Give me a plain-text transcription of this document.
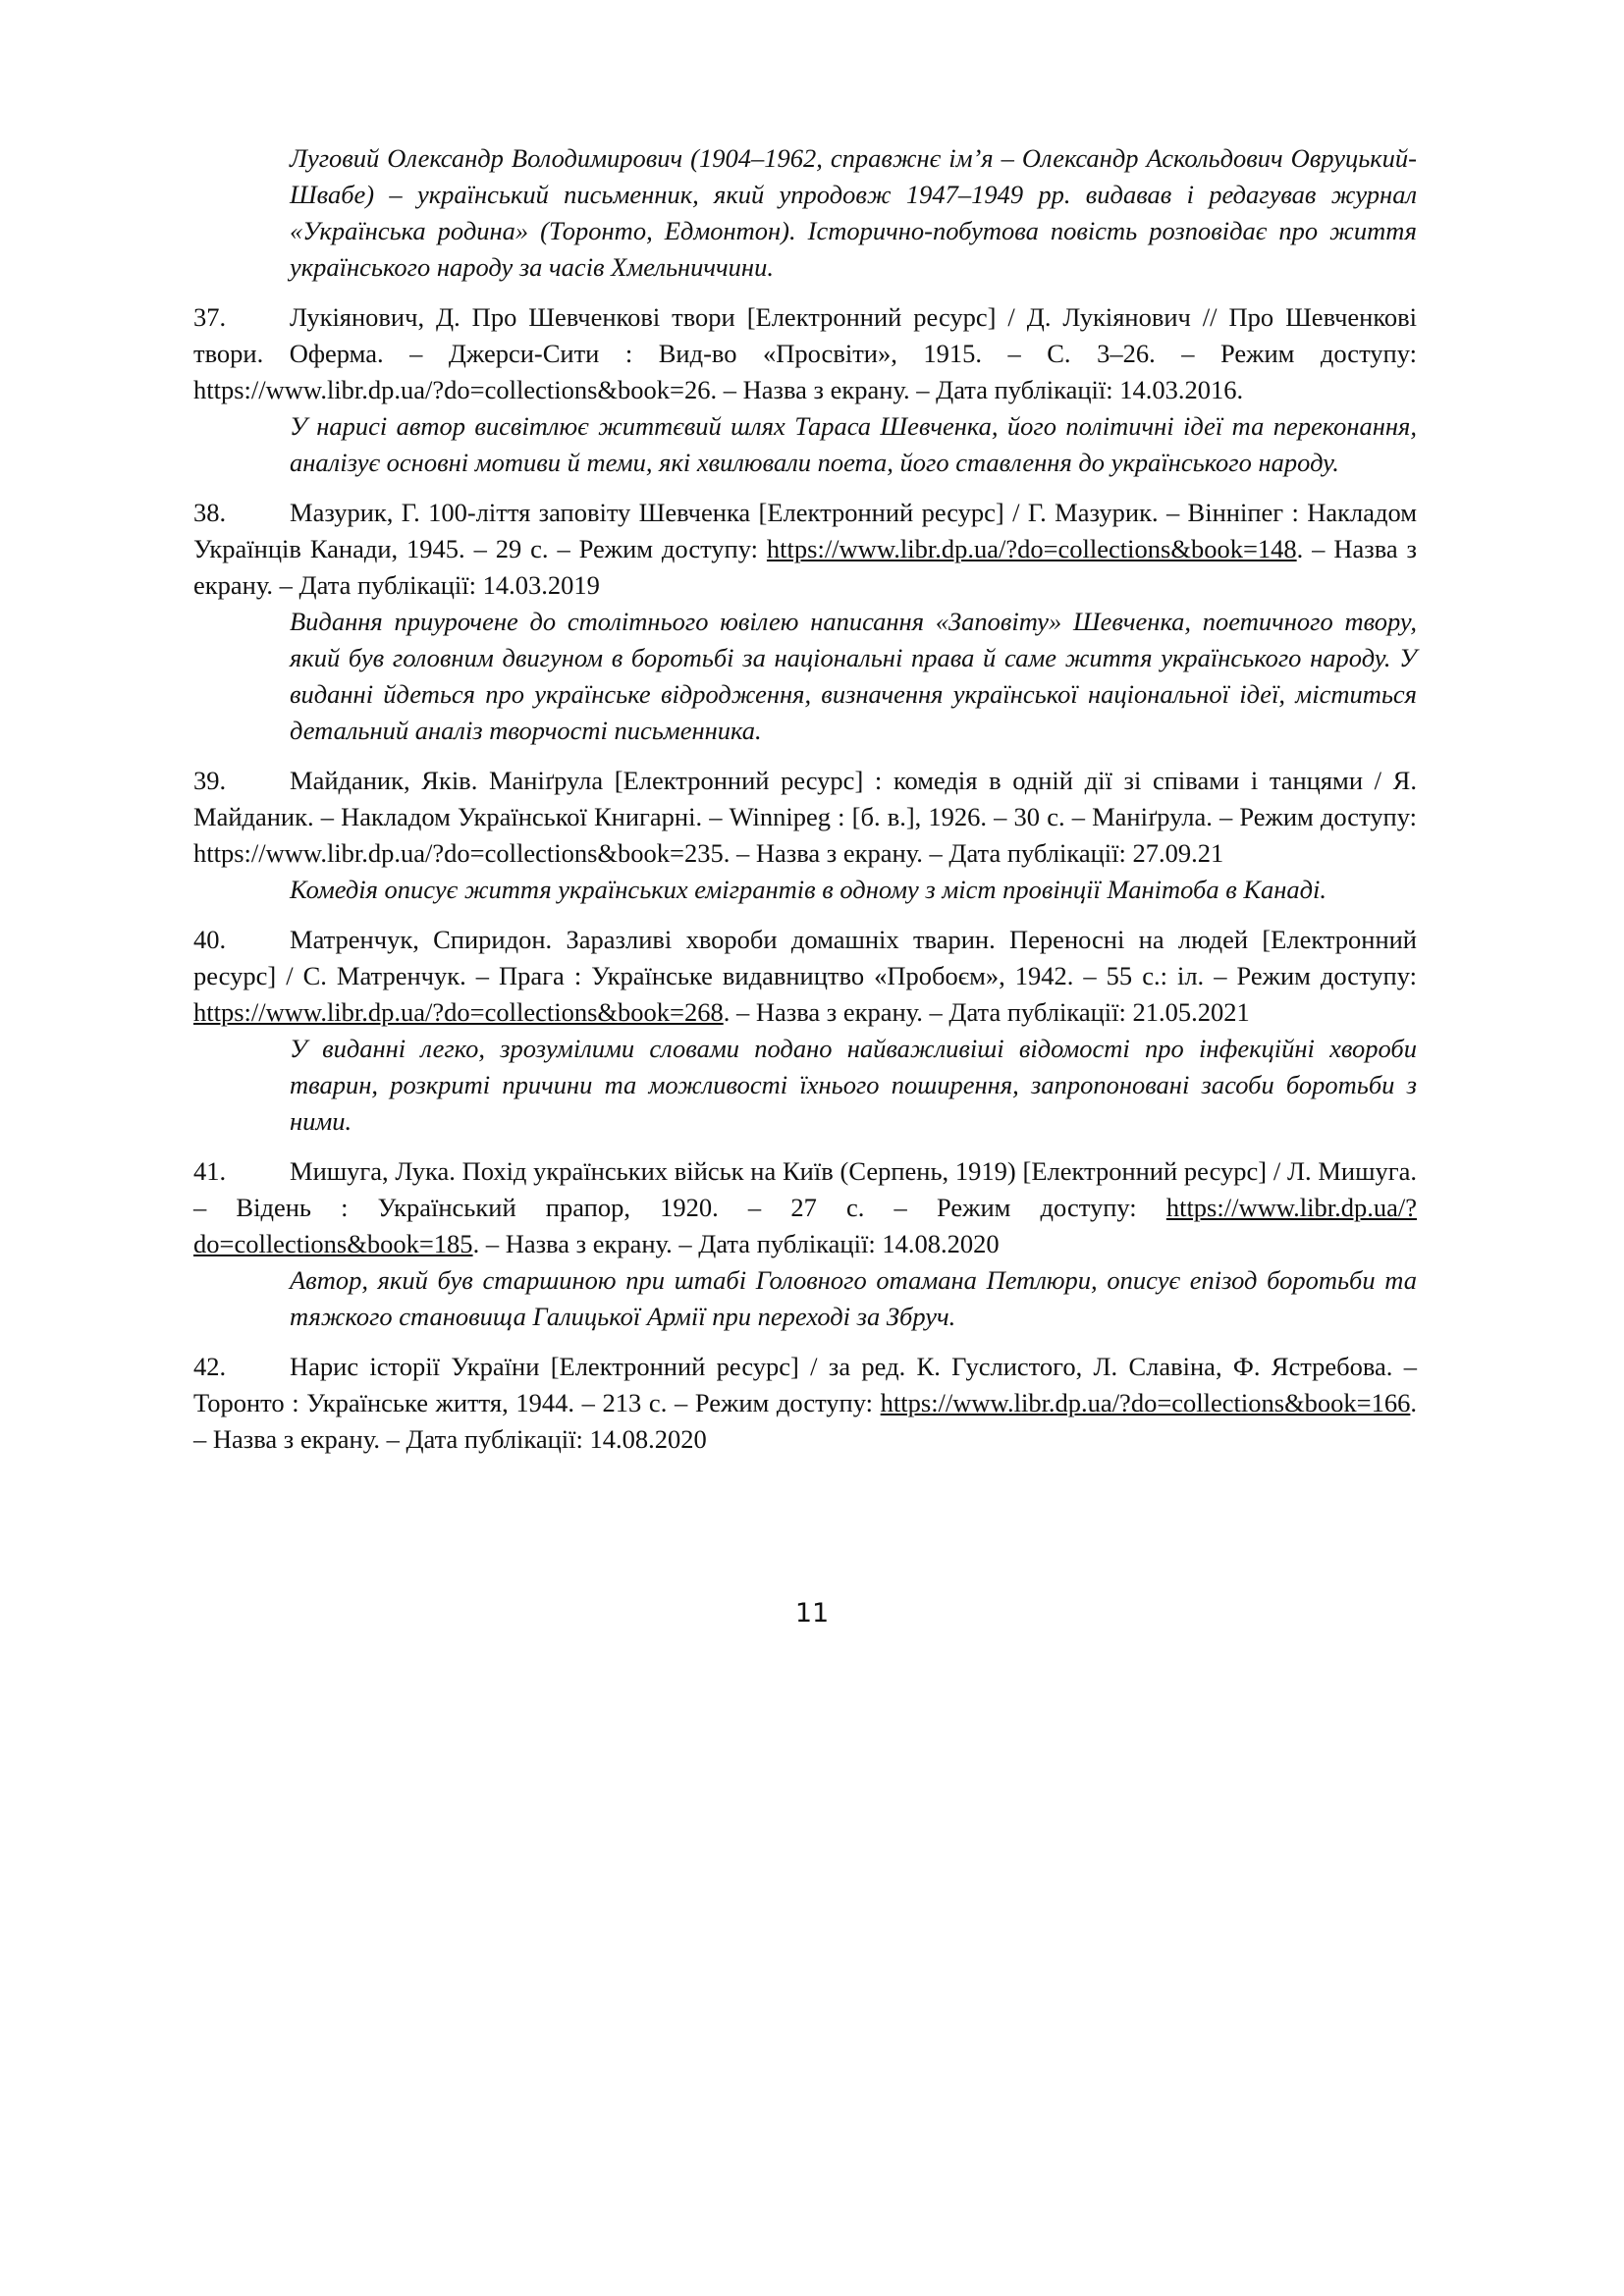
Луговий Олександр Володимирович (1904–1962, справжнє ім’я – Олександр Аскольдович Овруцький-Швабе) – український письменник, який упродовж 1947–1949 рр. видавав і редагував журнал «Українська родина» (Торонто, Едмонтон). Історично-побутова повість розповідає про життя українського народу за часів Хмельниччини.

37. Лукіянович, Д. Про Шевченкові твори [Електронний ресурс] / Д. Лукіянович // Про Шевченкові твори. Оферма. – Джерси-Сити : Вид-во «Просвіти», 1915. – С. 3–26. – Режим доступу: https://www.libr.dp.ua/?do=collections&book=26. – Назва з екрану. – Дата публікації: 14.03.2016.

У нарисі автор висвітлює життєвий шлях Тараса Шевченка, його політичні ідеї та переконання, аналізує основні мотиви й теми, які хвилювали поета, його ставлення до українського народу.

38. Мазурик, Г. 100-ліття заповіту Шевченка [Електронний ресурс] / Г. Мазурик. – Вінніпег : Накладом Українців Канади, 1945. – 29 с. – Режим доступу: https://www.libr.dp.ua/?do=collections&book=148. – Назва з екрану. – Дата публікації: 14.03.2019

Видання приурочене до столітнього ювілею написання «Заповіту» Шевченка, поетичного твору, який був головним двигуном в боротьбі за національні права й саме життя українського народу. У виданні йдеться про українське відродження, визначення української національної ідеї, міститься детальний аналіз творчості письменника.

39. Майданик, Яків. Маніґрула [Електронний ресурс] : комедія в одній дії зі співами і танцями / Я. Майданик. – Накладом Української Книгарні. – Winnipeg : [б. в.], 1926. – 30 с. – Маніґрула. – Режим доступу: https://www.libr.dp.ua/?do=collections&book=235. – Назва з екрану. – Дата публікації: 27.09.21

Комедія описує життя українських емігрантів в одному з міст провінції Манітоба в Канаді.

40. Матренчук, Спиридон. Заразливі хвороби домашніх тварин. Переносні на людей [Електронний ресурс] / С. Матренчук. – Прага : Українське видавництво «Пробоєм», 1942. – 55 с.: іл. – Режим доступу: https://www.libr.dp.ua/?do=collections&book=268. – Назва з екрану. – Дата публікації: 21.05.2021

У виданні легко, зрозумілими словами подано найважливіші відомості про інфекційні хвороби тварин, розкриті причини та можливості їхнього поширення, запропоновані засоби боротьби з ними.

41. Мишуга, Лука. Похід українських військ на Київ (Серпень, 1919) [Електронний ресурс] / Л. Мишуга. – Відень : Український прапор, 1920. – 27 с. – Режим доступу: https://www.libr.dp.ua/?do=collections&book=185. – Назва з екрану. – Дата публікації: 14.08.2020

Автор, який був старшиною при штабі Головного отамана Петлюри, описує епізод боротьби та тяжкого становища Галицької Армії при переході за Збруч.

42. Нарис історії України [Електронний ресурс] / за ред. К. Гуслистого, Л. Славіна, Ф. Ястребова. – Торонто : Українське життя, 1944. – 213 с. – Режим доступу: https://www.libr.dp.ua/?do=collections&book=166. – Назва з екрану. – Дата публікації: 14.08.2020

11
